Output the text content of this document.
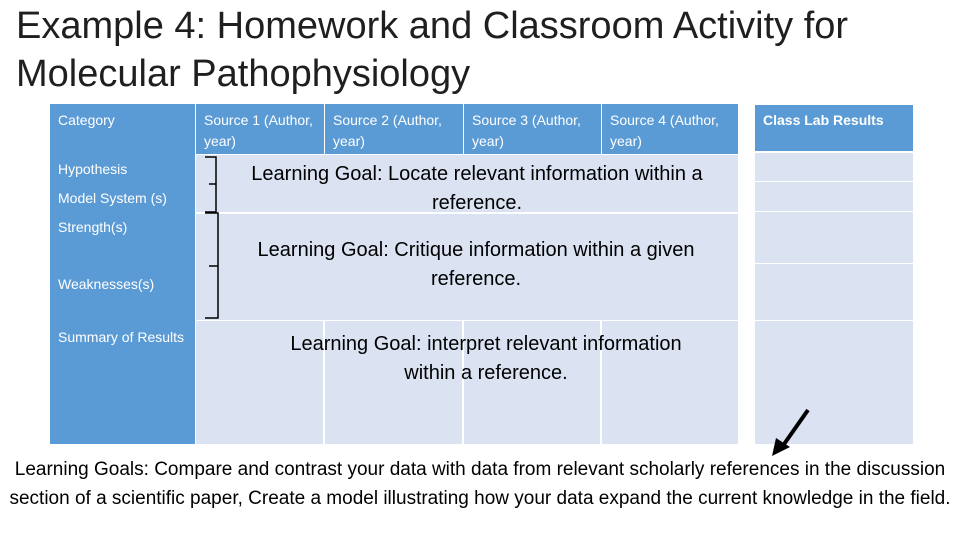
Example 4: Homework and Classroom Activity for Molecular Pathophysiology
Category
Hypothesis
Model System (s)
Strength(s)
Weaknesses(s)
Summary of Results
Source 1 (Author, year)
Source 2 (Author, year)
Source 3 (Author, year)
Source 4 (Author, year)
Class Lab Results
Learning Goal: Locate relevant information within a reference.
Learning Goal: Critique information within a given reference.
Learning Goal: interpret relevant information within a reference.
Learning Goals: Compare and contrast your data with data from relevant scholarly references in the discussion section of a scientific paper, Create a model illustrating how your data expand the current knowledge in the field.
